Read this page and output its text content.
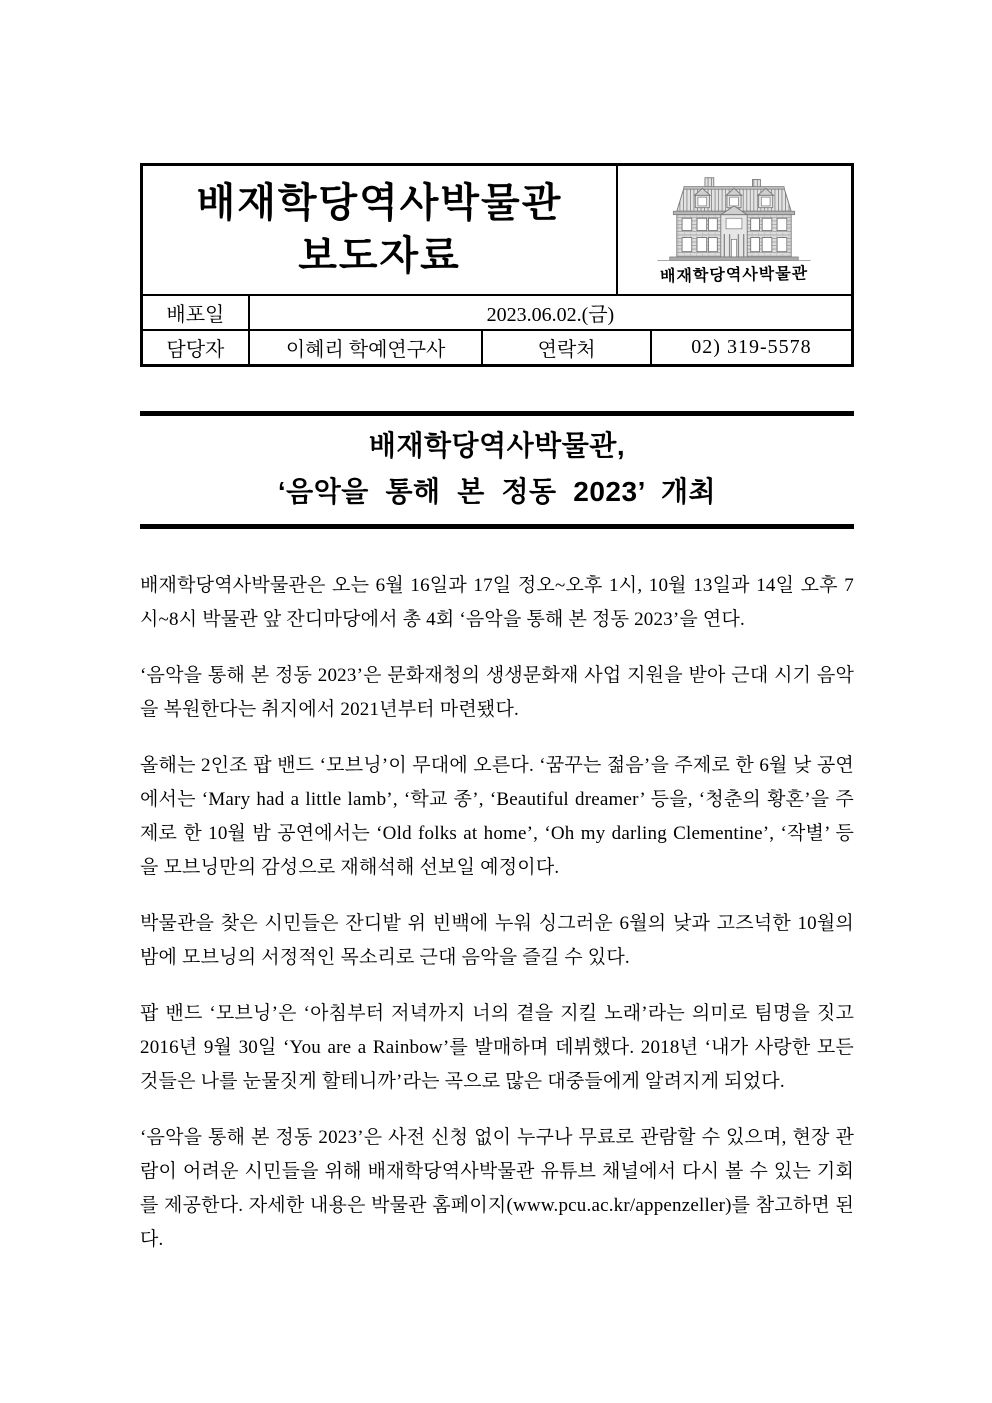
배재학당역사박물관
보도자료	배재학당역사박물관
배포일	2023.06.02.(금)
담당자	이혜리 학예연구사	연락처	02) 319-5578
배재학당역사박물관,
‘음악을 통해 본 정동 2023’ 개최

배재학당역사박물관은 오는 6월 16일과 17일 정오~오후 1시, 10월 13일과 14일 오후 7시~8시 박물관 앞 잔디마당에서 총 4회 ‘음악을 통해 본 정동 2023’을 연다.

‘음악을 통해 본 정동 2023’은 문화재청의 생생문화재 사업 지원을 받아 근대 시기 음악을 복원한다는 취지에서 2021년부터 마련됐다.

올해는 2인조 팝 밴드 ‘모브닝’이 무대에 오른다. ‘꿈꾸는 젊음’을 주제로 한 6월 낮 공연에서는 ‘Mary had a little lamb’, ‘학교 종’, ‘Beautiful dreamer’ 등을, ‘청춘의 황혼’을 주제로 한 10월 밤 공연에서는 ‘Old folks at home’, ‘Oh my darling Clementine’, ‘작별’ 등을 모브닝만의 감성으로 재해석해 선보일 예정이다.

박물관을 찾은 시민들은 잔디밭 위 빈백에 누워 싱그러운 6월의 낮과 고즈넉한 10월의 밤에 모브닝의 서정적인 목소리로 근대 음악을 즐길 수 있다.

팝 밴드 ‘모브닝’은 ‘아침부터 저녁까지 너의 곁을 지킬 노래’라는 의미로 팀명을 짓고 2016년 9월 30일 ‘You are a Rainbow’를 발매하며 데뷔했다. 2018년 ‘내가 사랑한 모든 것들은 나를 눈물짓게 할테니까’라는 곡으로 많은 대중들에게 알려지게 되었다.

‘음악을 통해 본 정동 2023’은 사전 신청 없이 누구나 무료로 관람할 수 있으며, 현장 관람이 어려운 시민들을 위해 배재학당역사박물관 유튜브 채널에서 다시 볼 수 있는 기회를 제공한다. 자세한 내용은 박물관 홈페이지(www.pcu.ac.kr/appenzeller)를 참고하면 된다.
